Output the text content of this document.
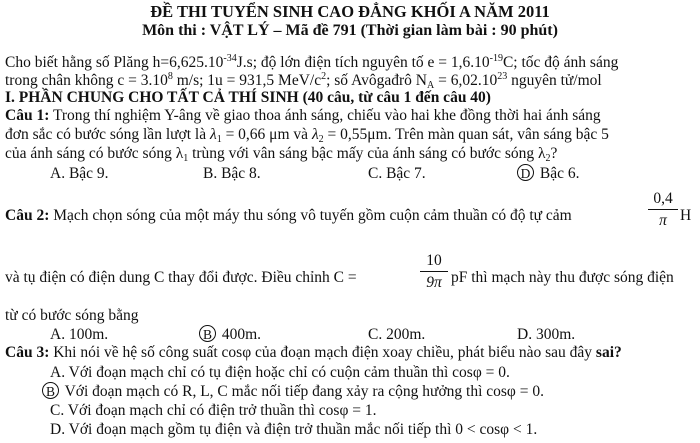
ĐỀ THI TUYỂN SINH CAO ĐẲNG KHỐI A NĂM 2011
Môn thi : VẬT LÝ – Mã đề 791 (Thời gian làm bài : 90 phút)
Cho biết hằng số Plăng $h=6,625.10^{-34}J.s$; độ lớn điện tích nguyên tố $e = 1,6.10^{-19}C$; tốc độ ánh sáng
trong chân không $c = 3.10^8$ m/s; 1u = 931,5 MeV/$c^2$; số Avôgađrô $N_A = 6,02.10^{23}$ nguyên tử/mol
I. PHẦN CHUNG CHO TẤT CẢ THÍ SINH (40 câu, từ câu 1 đến câu 40)
Câu 1: Trong thí nghiệm Y-âng về giao thoa ánh sáng, chiếu vào hai khe đồng thời hai ánh sáng
đơn sắc có bước sóng lần lượt là $\lambda_1 = 0,66$ μm và $\lambda_2 = 0,55\mu m$. Trên màn quan sát, vân sáng bậc 5
của ánh sáng có bước sóng $\lambda_1$ trùng với vân sáng bậc mấy của ánh sáng có bước sóng $\lambda_2$?
A. Bậc 9.	B. Bậc 8.	C. Bậc 7.	D Bậc 6.
Câu 2: Mạch chọn sóng của một máy thu sóng vô tuyến gồm cuộn cảm thuần có độ tự cảm
0,4
π H
và tụ điện có điện dung C thay đổi được. Điều chỉnh C =
10
9π pF thì mạch này thu được sóng điện
từ có bước sóng bằng
A. 100m.	B 400m.	C. 200m.	D. 300m.
Câu 3: Khi nói về hệ số công suất cosφ của đoạn mạch điện xoay chiều, phát biểu nào sau đây sai?
A. Với đoạn mạch chỉ có tụ điện hoặc chỉ có cuộn cảm thuần thì cosφ = 0.
B Với đoạn mạch có R, L, C mắc nối tiếp đang xảy ra cộng hưởng thì cosφ = 0.
C. Với đoạn mạch chỉ có điện trở thuần thì cosφ = 1.
D. Với đoạn mạch gồm tụ điện và điện trở thuần mắc nối tiếp thì 0 < cosφ < 1.
